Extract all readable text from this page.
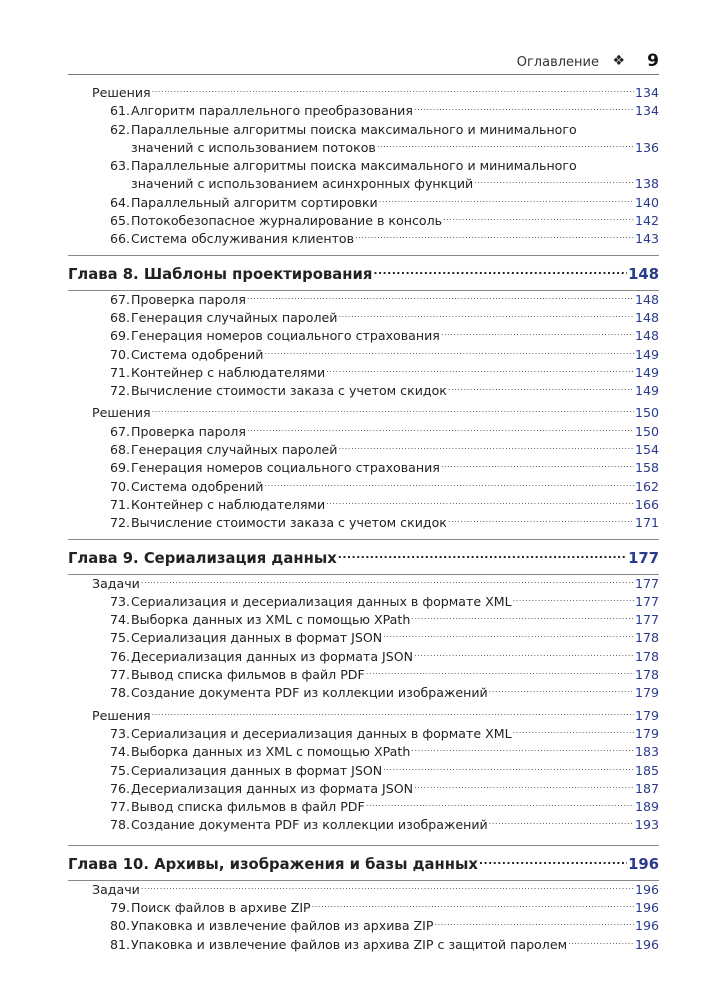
Оглавление ❖ 9
Решения .....	134
61. Алгоритм параллельного преобразования .....	134
62. Параллельные алгоритмы поиска максимального и минимального
значений с использованием потоков .....	136
63. Параллельные алгоритмы поиска максимального и минимального
значений с использованием асинхронных функций .....	138
64. Параллельный алгоритм сортировки .....	140
65. Потокобезопасное журналирование в консоль .....	142
66. Система обслуживания клиентов .....	143
Глава 8. Шаблоны проектирования .....	148
67. Проверка пароля .....	148
68. Генерация случайных паролей .....	148
69. Генерация номеров социального страхования .....	148
70. Система одобрений .....	149
71. Контейнер с наблюдателями .....	149
72. Вычисление стоимости заказа с учетом скидок .....	149
Решения .....	150
67. Проверка пароля .....	150
68. Генерация случайных паролей .....	154
69. Генерация номеров социального страхования .....	158
70. Система одобрений .....	162
71. Контейнер с наблюдателями .....	166
72. Вычисление стоимости заказа с учетом скидок .....	171
Глава 9. Сериализация данных .....	177
Задачи .....	177
73. Сериализация и десериализация данных в формате XML .....	177
74. Выборка данных из XML с помощью XPath .....	177
75. Сериализация данных в формат JSON .....	178
76. Десериализация данных из формата JSON .....	178
77. Вывод списка фильмов в файл PDF .....	178
78. Создание документа PDF из коллекции изображений .....	179
Решения .....	179
73. Сериализация и десериализация данных в формате XML .....	179
74. Выборка данных из XML с помощью XPath .....	183
75. Сериализация данных в формат JSON .....	185
76. Десериализация данных из формата JSON .....	187
77. Вывод списка фильмов в файл PDF .....	189
78. Создание документа PDF из коллекции изображений .....	193
Глава 10. Архивы, изображения и базы данных .....	196
Задачи .....	196
79. Поиск файлов в архиве ZIP .....	196
80. Упаковка и извлечение файлов из архива ZIP .....	196
81. Упаковка и извлечение файлов из архива ZIP с защитой паролем .....	196
